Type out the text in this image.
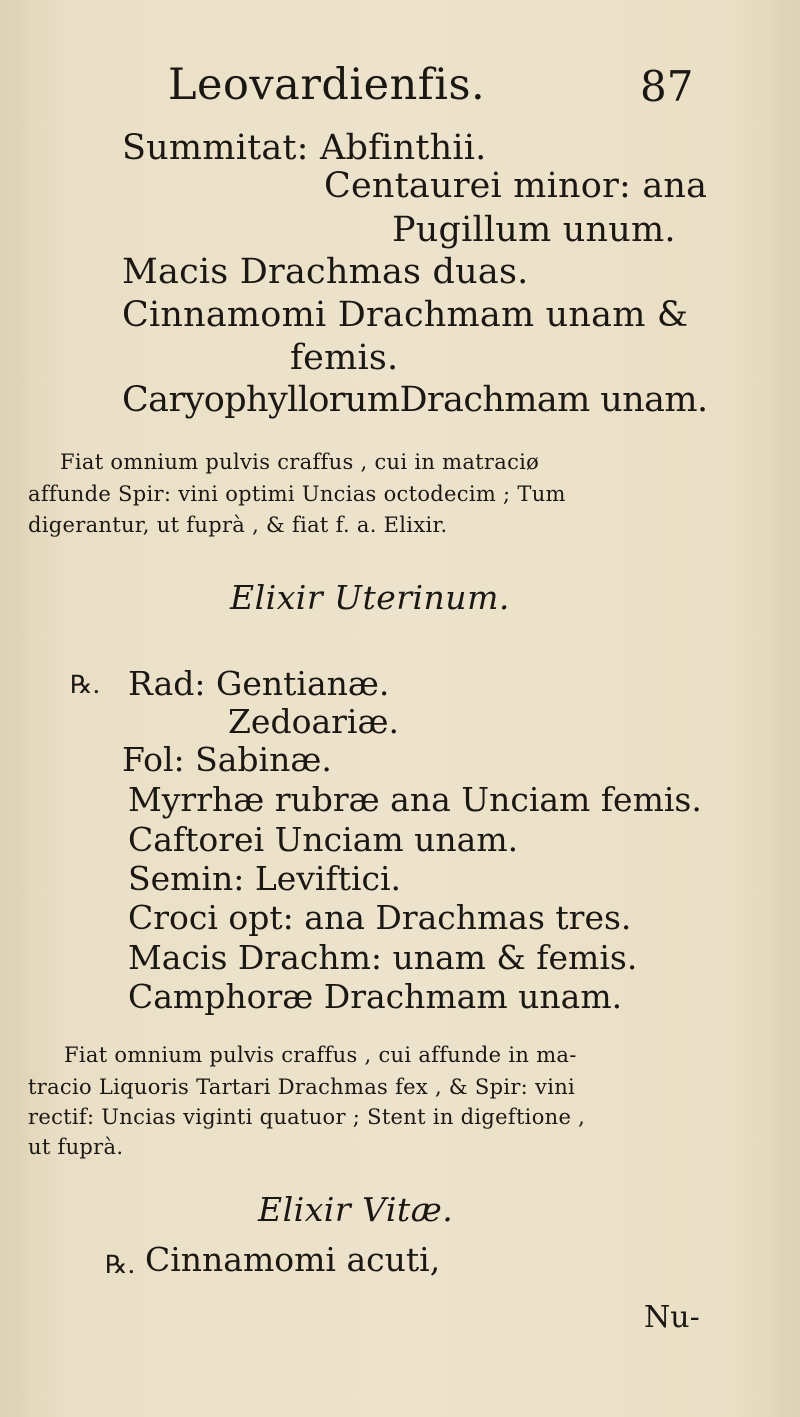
Leovardienfis.	87
Summitat: Abfinthii.
Centaurei minor: ana
Pugillum unum.
Macis Drachmas duas.
Cinnamomi Drachmam unam &
femis.
CaryophyllorumDrachmam unam.
Fiat omnium pulvis craffus , cui in matraciø
affunde Spir: vini optimi Uncias octodecim ; Tum
digerantur, ut fuprà , & fiat f. a. Elixir.
Elixir Uterinum.
℞. Rad: Gentianæ.
Zedoariæ.
Fol: Sabinæ.
Myrrhæ rubræ ana Unciam femis.
Caftorei Unciam unam.
Semin: Leviftici.
Croci opt: ana Drachmas tres.
Macis Drachm: unam & femis.
Camphoræ Drachmam unam.
Fiat omnium pulvis craffus , cui affunde in ma-
tracio Liquoris Tartari Drachmas fex , & Spir: vini
rectif: Uncias viginti quatuor ; Stent in digeftione ,
ut fuprà.
Elixir Vitæ.
℞. Cinnamomi acuti,
Nu-
